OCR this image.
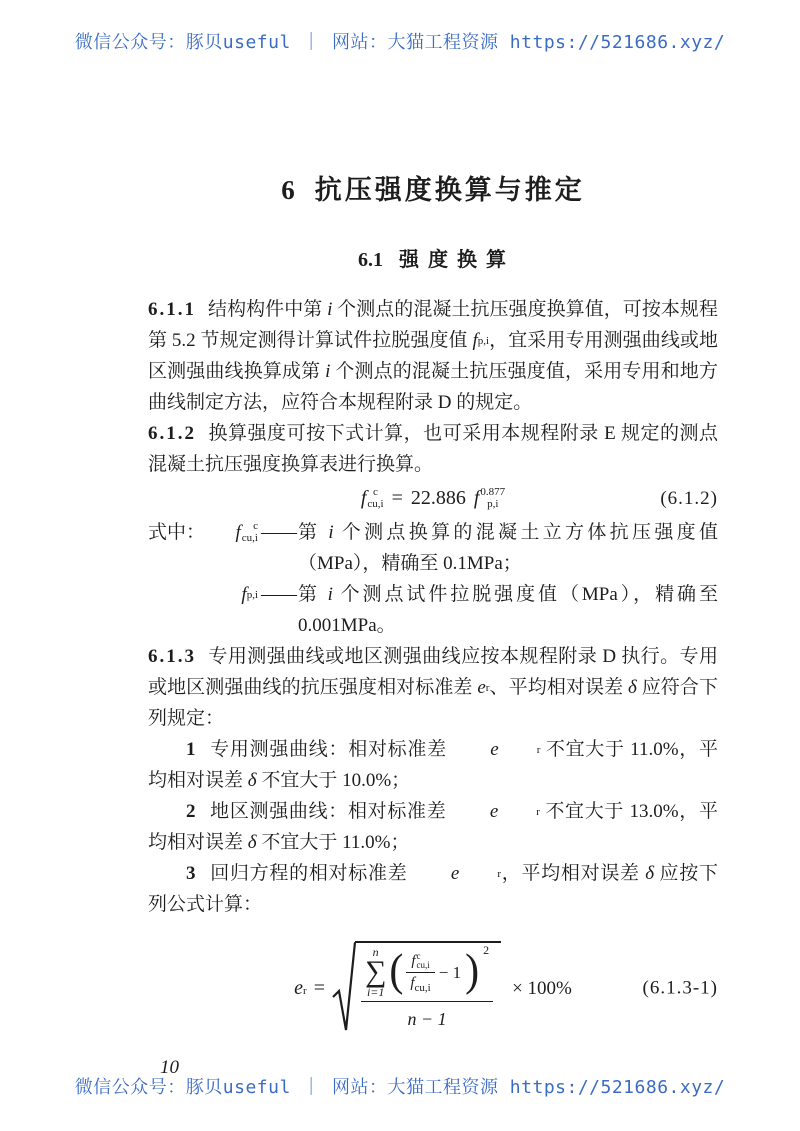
微信公众号：豚贝useful ｜ 网站：大猫工程资源 https://521686.xyz/
6 抗压强度换算与推定
6.1 强 度 换 算

6.1.1 结构构件中第 i 个测点的混凝土抗压强度换算值，可按本规程第 5.2 节规定测得计算试件拉脱强度值 f p,i ，宜采用专用测强曲线或地区测强曲线换算成第 i 个测点的混凝土抗压强度值，采用专用和地方曲线制定方法，应符合本规程附录 D 的规定。

6.1.2 换算强度可按下式计算，也可采用本规程附录 E 规定的测点混凝土抗压强度换算表进行换算。

f c
cu,i = 22.886 f 0.877
p,i	(6.1.2)
式中： f	c
cu,i —— 第 i 个测点换算的混凝土立方体抗压强度值（MPa），精确至 0.1MPa；
f p,i —— 第 i 个测点试件拉脱强度值（MPa），精确至 0.001MPa。

6.1.3 专用测强曲线或地区测强曲线应按本规程附录 D 执行。专用或地区测强曲线的抗压强度相对标准差 e r 、平均相对误差 δ 应符合下列规定：

1 专用测强曲线：相对标准差	e	r 不宜大于 11.0%，平均相对误差 δ 不宜大于 10.0%；

2 地区测强曲线：相对标准差	e	r 不宜大于 13.0%，平均相对误差 δ 不宜大于 11.0%；

3 回归方程的相对标准差	e	r ，平均相对误差 δ 应按下列公式计算：

e r =
n
∑
i=1 ( f c
cu,i
$f_{cu,i}$
− 1 ) 2
n − 1
× 100%	(6.1.3-1)
10
微信公众号：豚贝useful ｜ 网站：大猫工程资源 https://521686.xyz/
